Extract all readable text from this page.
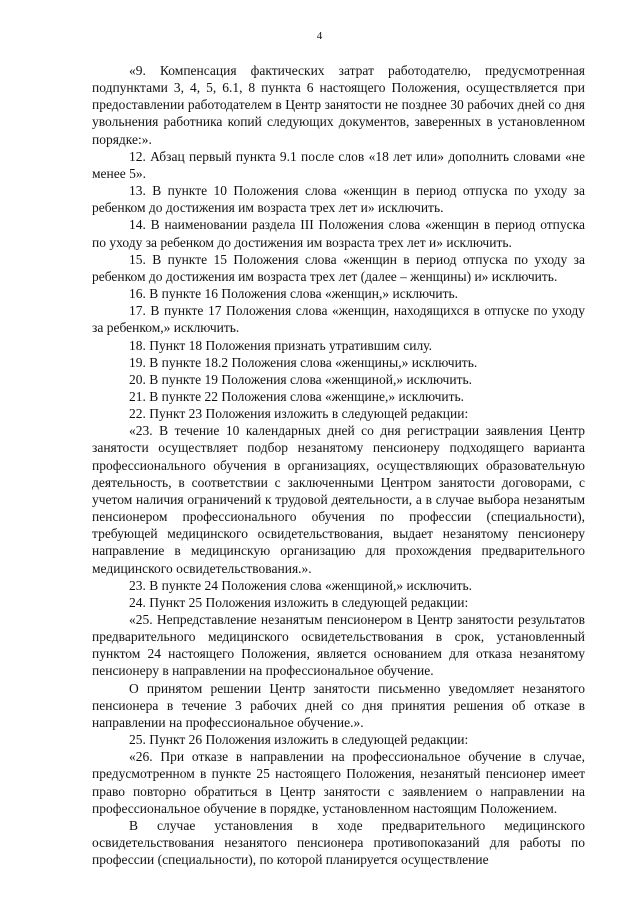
4

«9. Компенсация фактических затрат работодателю, предусмотренная подпунктами 3, 4, 5, 6.1, 8 пункта 6 настоящего Положения, осуществляется при предоставлении работодателем в Центр занятости не позднее 30 рабочих дней со дня увольнения работника копий следующих документов, заверенных в установленном порядке:».

12. Абзац первый пункта 9.1 после слов «18 лет или» дополнить словами «не менее 5».

13. В пункте 10 Положения слова «женщин в период отпуска по уходу за ребенком до достижения им возраста трех лет и» исключить.

14. В наименовании раздела III Положения слова «женщин в период отпуска по уходу за ребенком до достижения им возраста трех лет и» исключить.

15. В пункте 15 Положения слова «женщин в период отпуска по уходу за ребенком до достижения им возраста трех лет (далее – женщины) и» исключить.

16. В пункте 16 Положения слова «женщин,» исключить.

17. В пункте 17 Положения слова «женщин, находящихся в отпуске по уходу за ребенком,» исключить.

18. Пункт 18 Положения признать утратившим силу.

19. В пункте 18.2 Положения слова «женщины,» исключить.

20. В пункте 19 Положения слова «женщиной,» исключить.

21. В пункте 22 Положения слова «женщине,» исключить.

22. Пункт 23 Положения изложить в следующей редакции:

«23. В течение 10 календарных дней со дня регистрации заявления Центр занятости осуществляет подбор незанятому пенсионеру подходящего варианта профессионального обучения в организациях, осуществляющих образовательную деятельность, в соответствии с заключенными Центром занятости договорами, с учетом наличия ограничений к трудовой деятельности, а в случае выбора незанятым пенсионером профессионального обучения по профессии (специальности), требующей медицинского освидетельствования, выдает незанятому пенсионеру направление в медицинскую организацию для прохождения предварительного медицинского освидетельствования.».

23. В пункте 24 Положения слова «женщиной,» исключить.

24. Пункт 25 Положения изложить в следующей редакции:

«25. Непредставление незанятым пенсионером в Центр занятости результатов предварительного медицинского освидетельствования в срок, установленный пунктом 24 настоящего Положения, является основанием для отказа незанятому пенсионеру в направлении на профессиональное обучение.

О принятом решении Центр занятости письменно уведомляет незанятого пенсионера в течение 3 рабочих дней со дня принятия решения об отказе в направлении на профессиональное обучение.».

25. Пункт 26 Положения изложить в следующей редакции:

«26. При отказе в направлении на профессиональное обучение в случае, предусмотренном в пункте 25 настоящего Положения, незанятый пенсионер имеет право повторно обратиться в Центр занятости с заявлением о направлении на профессиональное обучение в порядке, установленном настоящим Положением.

В случае установления в ходе предварительного медицинского освидетельствования незанятого пенсионера противопоказаний для работы по профессии (специальности), по которой планируется осуществление
